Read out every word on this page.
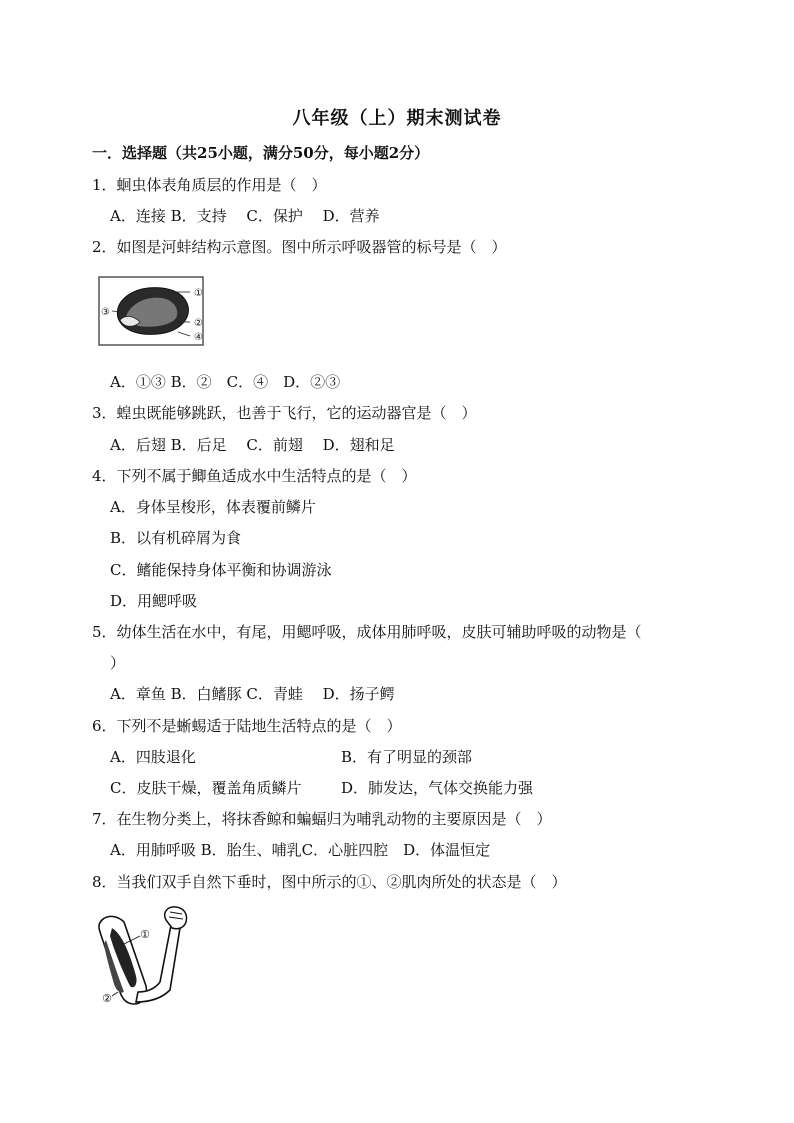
八年级（上）期末测试卷
一．选择题（共25小题，满分50分，每小题2分）
1．蛔虫体表角质层的作用是（　）
A．连接 B．支持　 C．保护　 D．营养
2．如图是河蚌结构示意图。图中所示呼吸器管的标号是（　）
①
②
③
④
A．①③ B．②　C．④　D．②③
3．蝗虫既能够跳跃，也善于飞行，它的运动器官是（　）
A．后翅 B．后足　 C．前翅　 D．翅和足
4．下列不属于鲫鱼适成水中生活特点的是（　）
A．身体呈梭形，体表覆前鳞片
B．以有机碎屑为食
C．鳍能保持身体平衡和协调游泳
D．用鳃呼吸
5．幼体生活在水中，有尾，用鳃呼吸，成体用肺呼吸，皮肤可辅助呼吸的动物是（
）
A．章鱼 B．白鳍豚 C．青蛙　 D．扬子鳄
6．下列不是蜥蜴适于陆地生活特点的是（　）
A．四肢退化	B．有了明显的颈部
C．皮肤干燥，覆盖角质鳞片	D．肺发达，气体交换能力强
7．在生物分类上，将抹香鲸和蝙蝠归为哺乳动物的主要原因是（　）
A．用肺呼吸 B．胎生、哺乳C．心脏四腔　D．体温恒定
8．当我们双手自然下垂时，图中所示的①、②肌肉所处的状态是（　）
①
②
